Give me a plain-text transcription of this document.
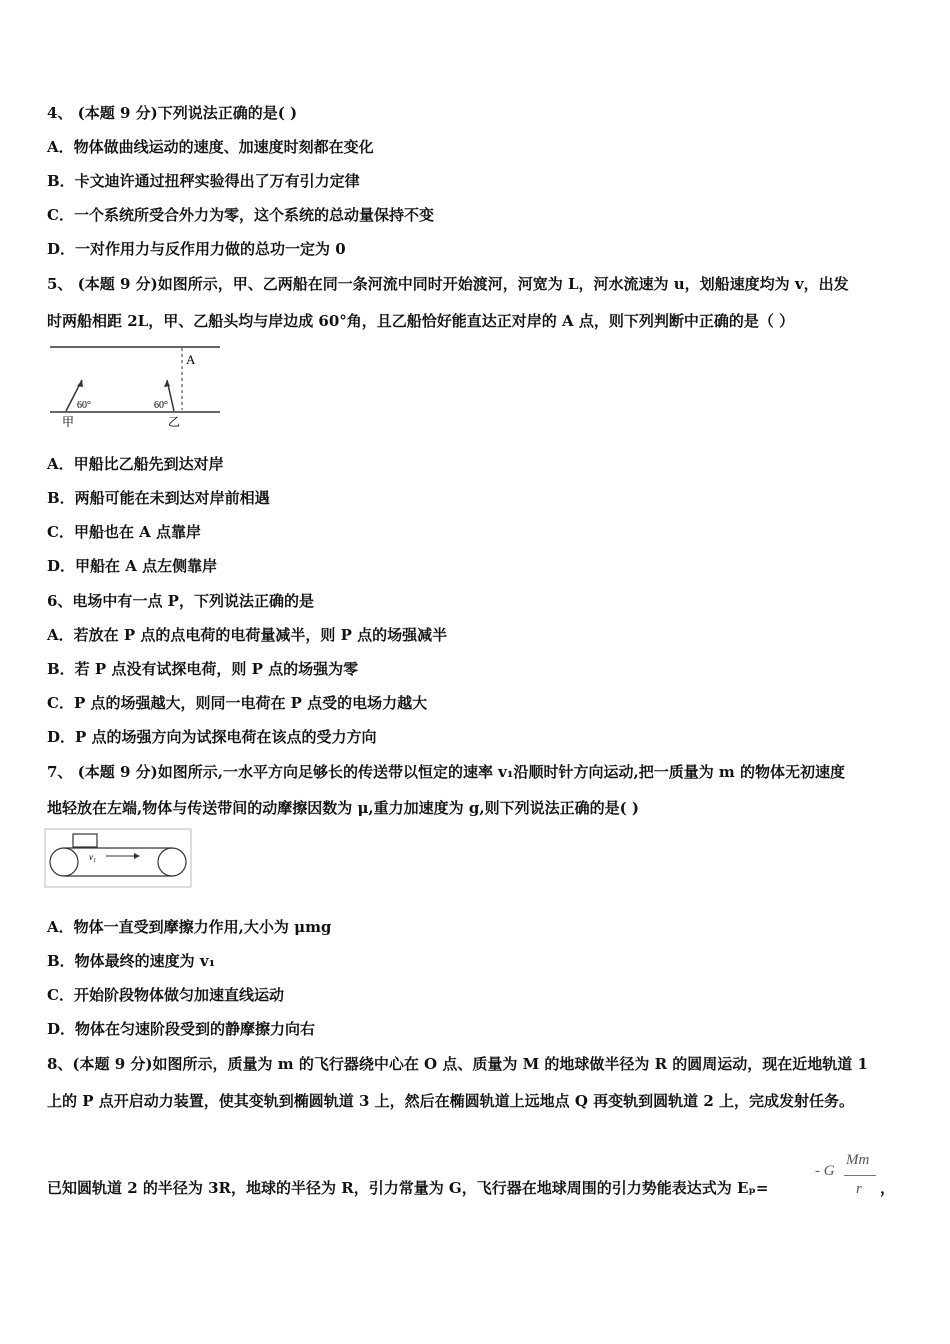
4、 (本题 9 分)下列说法正确的是( )
A．物体做曲线运动的速度、加速度时刻都在变化
B．卡文迪许通过扭秤实验得出了万有引力定律
C．一个系统所受合外力为零，这个系统的总动量保持不变
D．一对作用力与反作用力做的总功一定为 0
5、 (本题 9 分)如图所示，甲、乙两船在同一条河流中同时开始渡河，河宽为 L，河水流速为 u，划船速度均为 v，出发
时两船相距 2L，甲、乙船头均与岸边成 60°角，且乙船恰好能直达正对岸的 A 点，则下列判断中正确的是（ ）
A
60°	60°
甲	乙
A．甲船比乙船先到达对岸
B．两船可能在未到达对岸前相遇
C．甲船也在 A 点靠岸
D．甲船在 A 点左侧靠岸
6、电场中有一点 P，下列说法正确的是
A．若放在 P 点的点电荷的电荷量减半，则 P 点的场强减半
B．若 P 点没有试探电荷，则 P 点的场强为零
C．P 点的场强越大，则同一电荷在 P 点受的电场力越大
D．P 点的场强方向为试探电荷在该点的受力方向
7、 (本题 9 分)如图所示,一水平方向足够长的传送带以恒定的速率 v₁沿顺时针方向运动,把一质量为 m 的物体无初速度
地轻放在左端,物体与传送带间的动摩擦因数为 μ,重力加速度为 g,则下列说法正确的是( )
v₁
A．物体一直受到摩擦力作用,大小为 μmg
B．物体最终的速度为 v₁
C．开始阶段物体做匀加速直线运动
D．物体在匀速阶段受到的静摩擦力向右
8、(本题 9 分)如图所示，质量为 m 的飞行器绕中心在 O 点、质量为 M 的地球做半径为 R 的圆周运动，现在近地轨道 1
上的 P 点开启动力装置，使其变轨到椭圆轨道 3 上，然后在椭圆轨道上远地点 Q 再变轨到圆轨道 2 上，完成发射任务。
已知圆轨道 2 的半径为 3R，地球的半径为 R，引力常量为 G，飞行器在地球周围的引力势能表达式为 Eₚ=
- G
Mm
r ，
